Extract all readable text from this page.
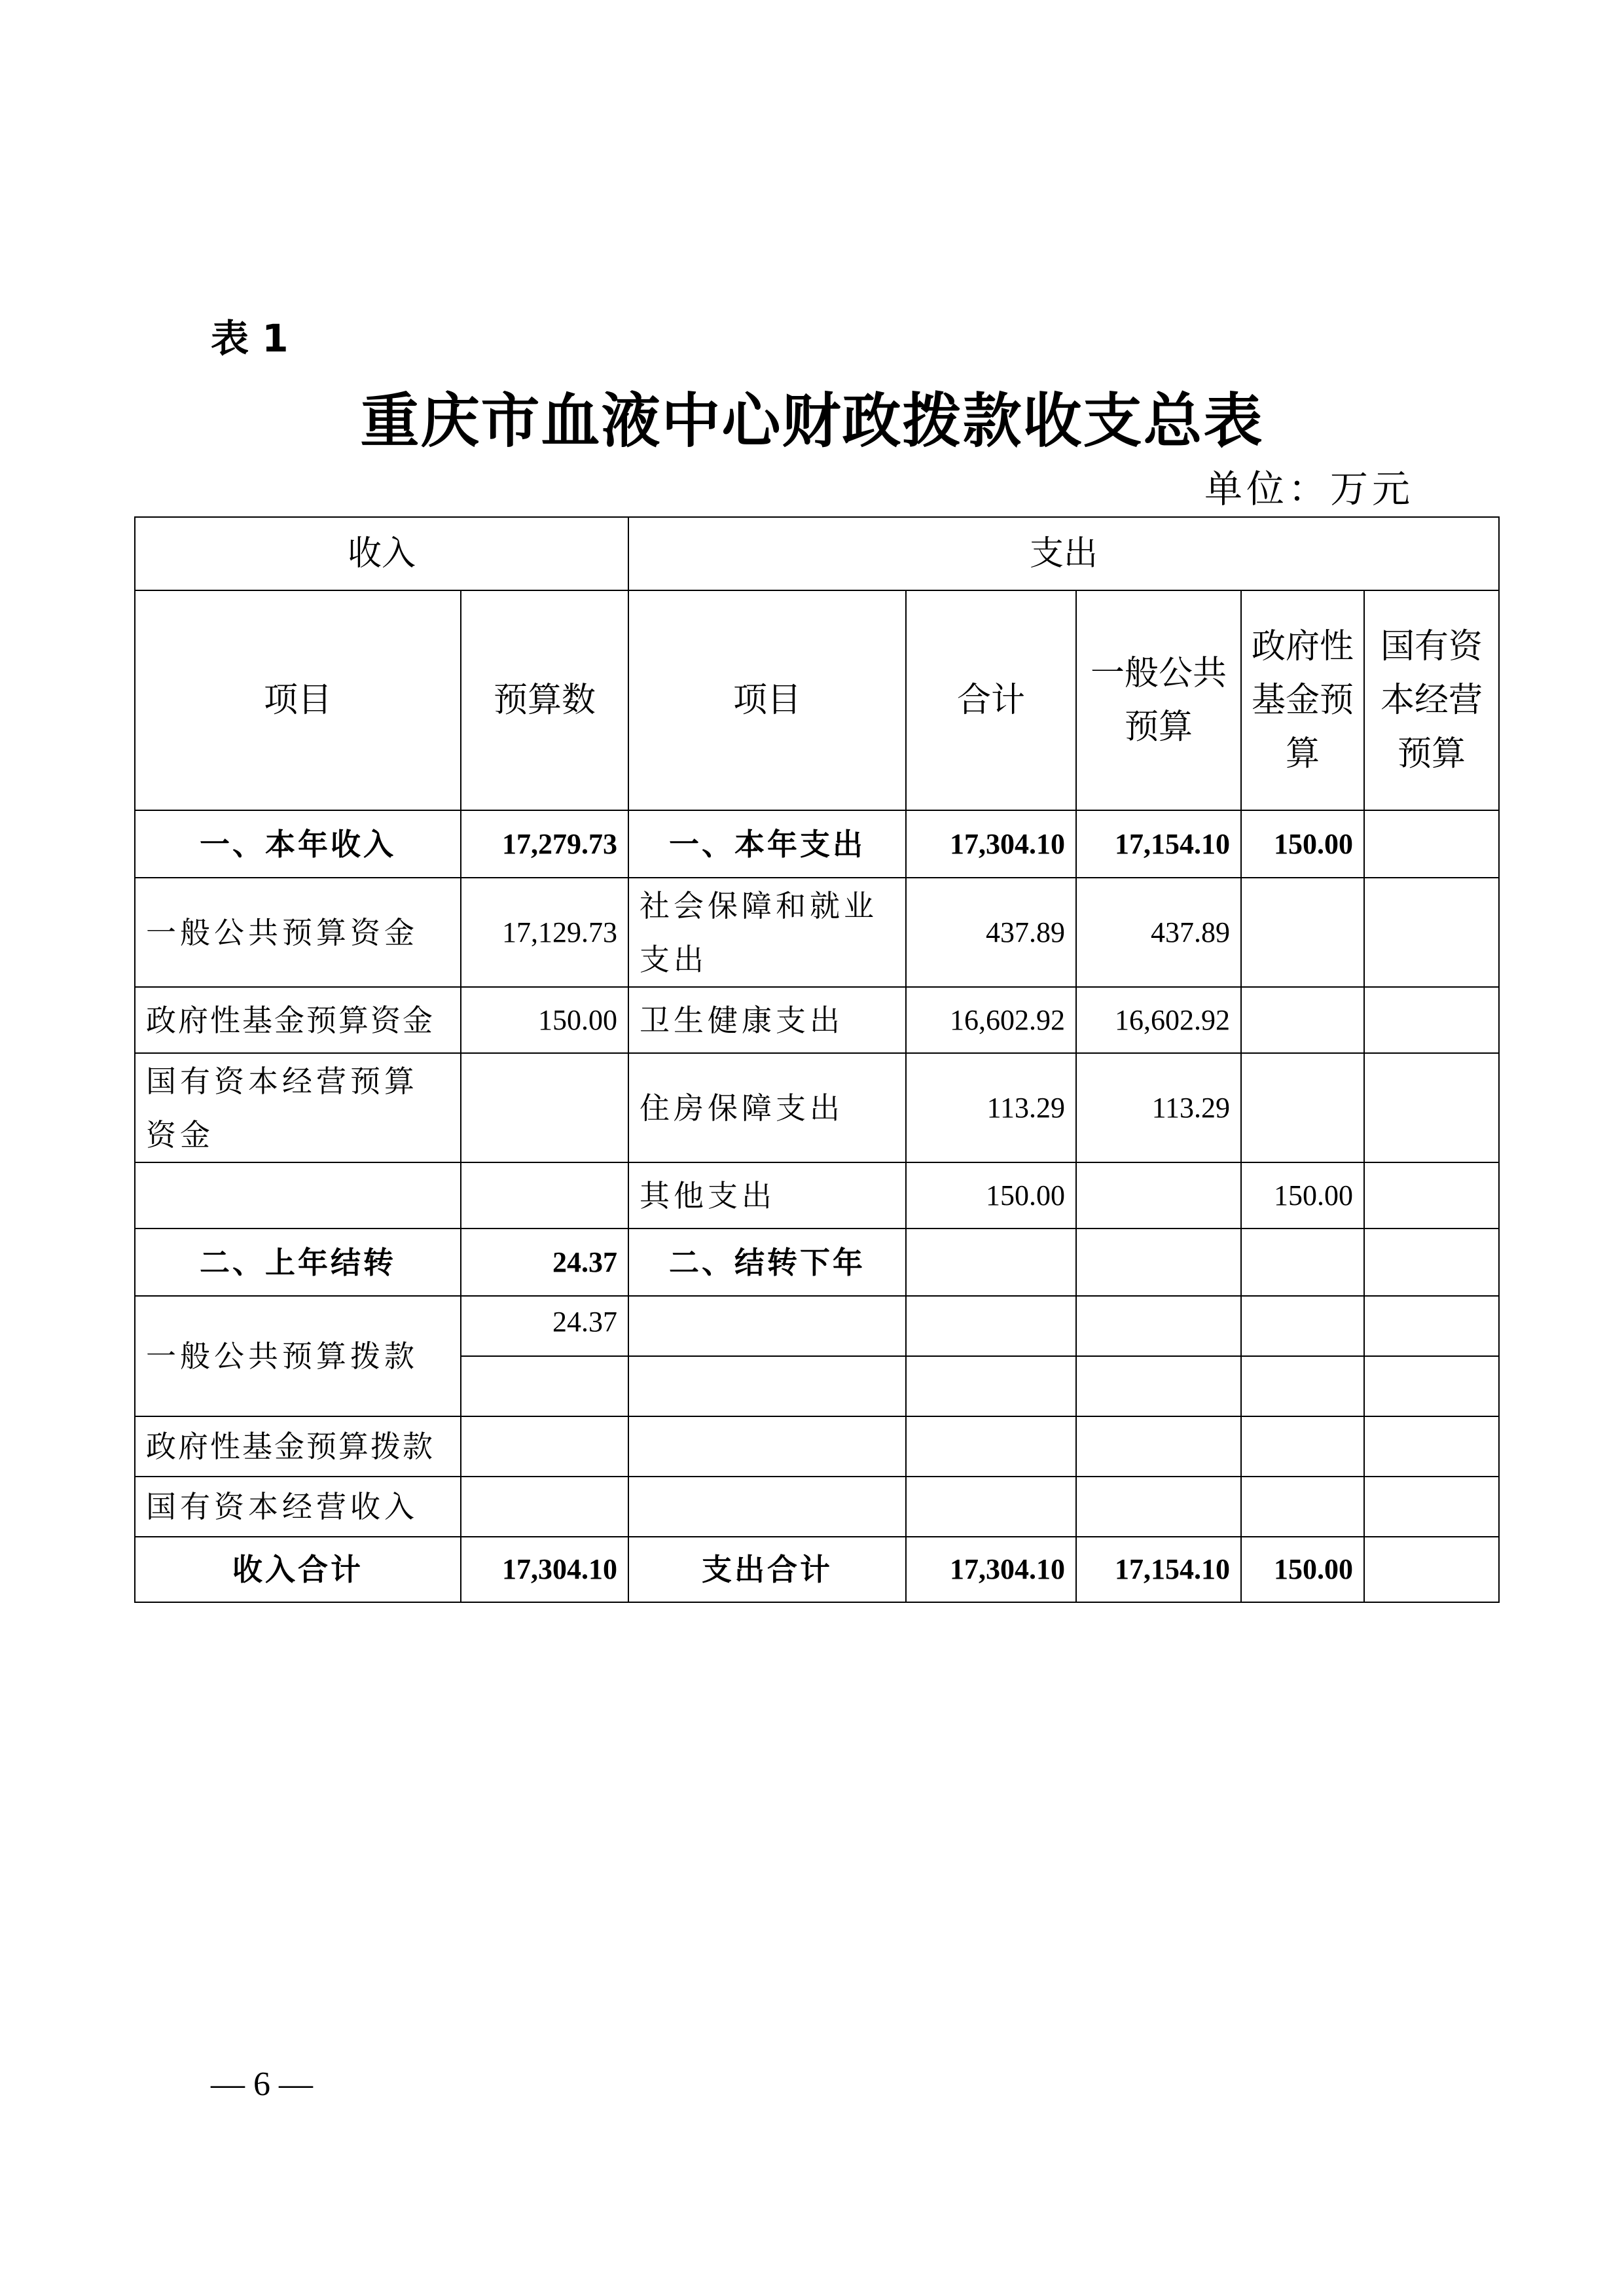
表 1
重庆市血液中心财政拨款收支总表
单位：万元
收入		支出				
项目	预算数	项目	合计	一般公共预算	政府性基金预算	国有资本经营预算
一、本年收入	17,279.73	一、本年支出	17,304.10	17,154.10	150.00	
一般公共预算资金	17,129.73	社会保障和就业支出	437.89	437.89		
政府性基金预算资金	150.00	卫生健康支出	16,602.92	16,602.92		
国有资本经营预算资金		住房保障支出	113.29	113.29		
		其他支出	150.00		150.00	
二、上年结转	24.37	二、结转下年				
一般公共预算拨款	24.37					

政府性基金预算拨款						
国有资本经营收入						
收入合计	17,304.10	支出合计	17,304.10	17,154.10	150.00	
— 6 —
